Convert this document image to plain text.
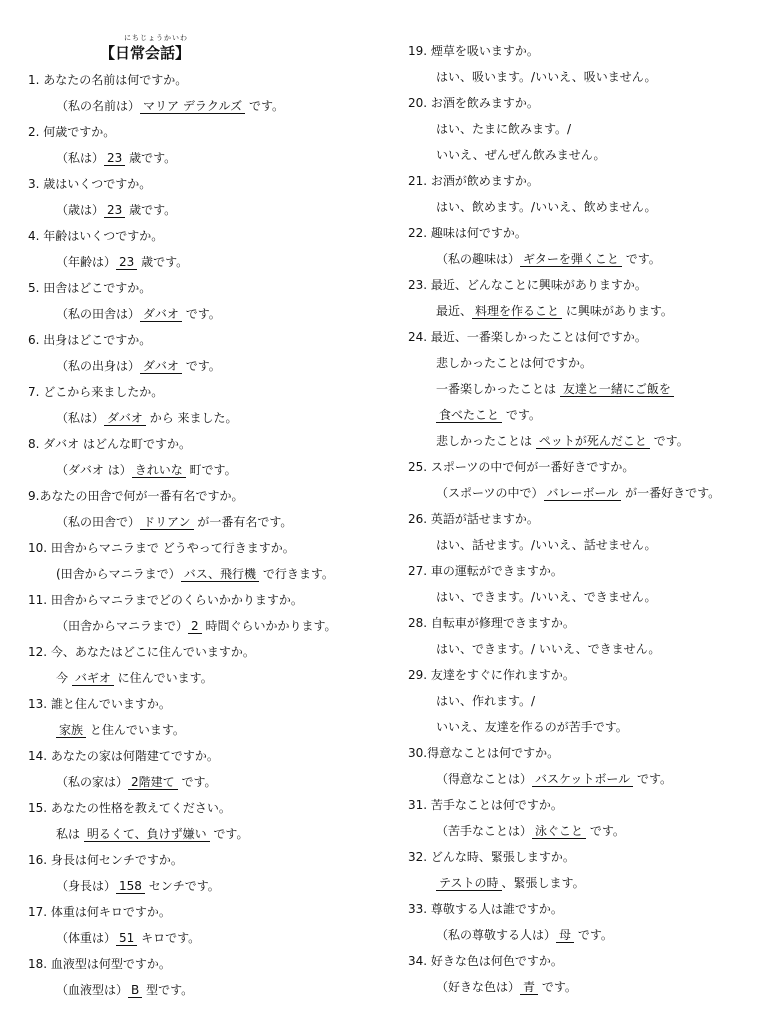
にちじょうかいわ
【日常会話】
1. あなたの名前は何ですか。
（私の名前は） マリア デラクルズ です。
2. 何歳ですか。
（私は） 23 歳です。
3. 歳はいくつですか。
（歳は） 23 歳です。
4. 年齢はいくつですか。
（年齢は） 23 歳です。
5. 田舎はどこですか。
（私の田舎は） ダバオ です。
6. 出身はどこですか。
（私の出身は） ダバオ です。
7. どこから来ましたか。
（私は） ダバオ から 来ました。
8. ダバオ はどんな町ですか。
（ダバオ は） きれいな 町です。
9.あなたの田舎で何が一番有名ですか。
（私の田舎で） ドリアン が一番有名です。
10. 田舎からマニラまで どうやって行きますか。
(田舎からマニラまで） バス、飛行機 で行きます。
11. 田舎からマニラまでどのくらいかかりますか。
（田舎からマニラまで） 2 時間ぐらいかかります。
12. 今、あなたはどこに住んでいますか。
今 バギオ に住んでいます。
13. 誰と住んでいますか。
家族 と住んでいます。
14. あなたの家は何階建てですか。
（私の家は） 2階建て です。
15. あなたの性格を教えてください。
私は 明るくて、負けず嫌い です。
16. 身長は何センチですか。
（身長は） 158 センチです。
17. 体重は何キロですか。
（体重は） 51 キロです。
18. 血液型は何型ですか。
（血液型は） B 型です。
19. 煙草を吸いますか。
はい、吸います。/いいえ、吸いません。
20. お酒を飲みますか。
はい、たまに飲みます。/
いいえ、ぜんぜん飲みません。
21. お酒が飲めますか。
はい、飲めます。/いいえ、飲めません。
22. 趣味は何ですか。
（私の趣味は） ギターを弾くこと です。
23. 最近、どんなことに興味がありますか。
最近、 料理を作ること に興味があります。
24. 最近、一番楽しかったことは何ですか。
悲しかったことは何ですか。
一番楽しかったことは 友達と一緒にご飯を
食べたこと です。
悲しかったことは ペットが死んだこと です。
25. スポーツの中で何が一番好きですか。
（スポーツの中で） バレーボール が一番好きです。
26. 英語が話せますか。
はい、話せます。/いいえ、話せません。
27. 車の運転ができますか。
はい、できます。/いいえ、できません。
28. 自転車が修理できますか。
はい、できます。/ いいえ、できません。
29. 友達をすぐに作れますか。
はい、作れます。/
いいえ、友達を作るのが苦手です。
30.得意なことは何ですか。
（得意なことは） バスケットボール です。
31. 苦手なことは何ですか。
（苦手なことは） 泳ぐこと です。
32. どんな時、緊張しますか。
テストの時 、緊張します。
33. 尊敬する人は誰ですか。
（私の尊敬する人は） 母 です。
34. 好きな色は何色ですか。
（好きな色は） 青 です。
